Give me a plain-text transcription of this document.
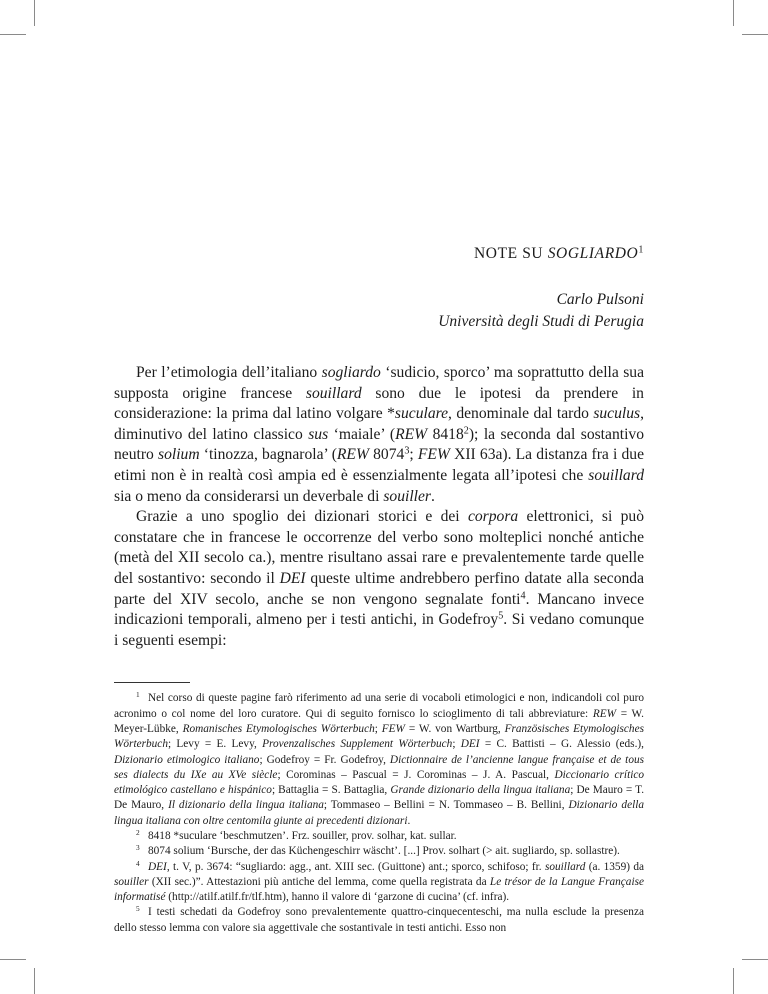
NOTE SU SOGLIARDO$^1$
Carlo Pulsoni
Università degli Studi di Perugia

Per l’etimologia dell’italiano sogliardo ‘sudicio, sporco’ ma soprattutto della sua supposta origine francese souillard sono due le ipotesi da prendere in considerazione: la prima dal latino volgare *suculare, denominale dal tardo suculus, diminutivo del latino classico sus ‘maiale’ (REW 8418$^2$); la seconda dal sostantivo neutro solium ‘tinozza, bagnarola’ (REW 8074$^3$; FEW XII 63a). La distanza fra i due etimi non è in realtà così ampia ed è essenzialmente legata all’ipotesi che souillard sia o meno da considerarsi un deverbale di souiller.

Grazie a uno spoglio dei dizionari storici e dei corpora elettronici, si può constatare che in francese le occorrenze del verbo sono molteplici nonché antiche (metà del XII secolo ca.), mentre risultano assai rare e prevalentemente tarde quelle del sostantivo: secondo il DEI queste ultime andrebbero perfino datate alla seconda parte del XIV secolo, anche se non vengono segnalate fonti$^4$. Mancano invece indicazioni temporali, almeno per i testi antichi, in Godefroy$^5$. Si vedano comunque i seguenti esempi:

$^1$ Nel corso di queste pagine farò riferimento ad una serie di vocaboli etimologici e non, indicandoli col puro acronimo o col nome del loro curatore. Qui di seguito fornisco lo scioglimento di tali abbreviature: REW = W. Meyer-Lübke, Romanisches Etymologisches Wörterbuch; FEW = W. von Wartburg, Französisches Etymologisches Wörterbuch; Levy = E. Levy, Provenzalisches Supplement Wörterbuch; DEI = C. Battisti – G. Alessio (eds.), Dizionario etimologico italiano; Godefroy = Fr. Godefroy, Dictionnaire de l’ancienne langue française et de tous ses dialects du IXe au XVe siècle; Corominas – Pascual = J. Corominas – J. A. Pascual, Diccionario crítico etimológico castellano e hispánico; Battaglia = S. Battaglia, Grande dizionario della lingua italiana; De Mauro = T. De Mauro, Il dizionario della lingua italiana; Tommaseo – Bellini = N. Tommaseo – B. Bellini, Dizionario della lingua italiana con oltre centomila giunte ai precedenti dizionari.

$^2$ 8418 *suculare ‘beschmutzen’. Frz. souiller, prov. solhar, kat. sullar.

$^3$ 8074 solium ‘Bursche, der das Küchengeschirr wäscht’. [...] Prov. solhart (> ait. sugliardo, sp. sollastre).

$^4$ DEI, t. V, p. 3674: “sugliardo: agg., ant. XIII sec. (Guittone) ant.; sporco, schifoso; fr. souillard (a. 1359) da souiller (XII sec.)”. Attestazioni più antiche del lemma, come quella registrata da Le trésor de la Langue Française informatisé (http://atilf.atilf.fr/tlf.htm), hanno il valore di ‘garzone di cucina’ (cf. infra).

$^5$ I testi schedati da Godefroy sono prevalentemente quattro-cinquecenteschi, ma nulla esclude la presenza dello stesso lemma con valore sia aggettivale che sostantivale in testi antichi. Esso non
